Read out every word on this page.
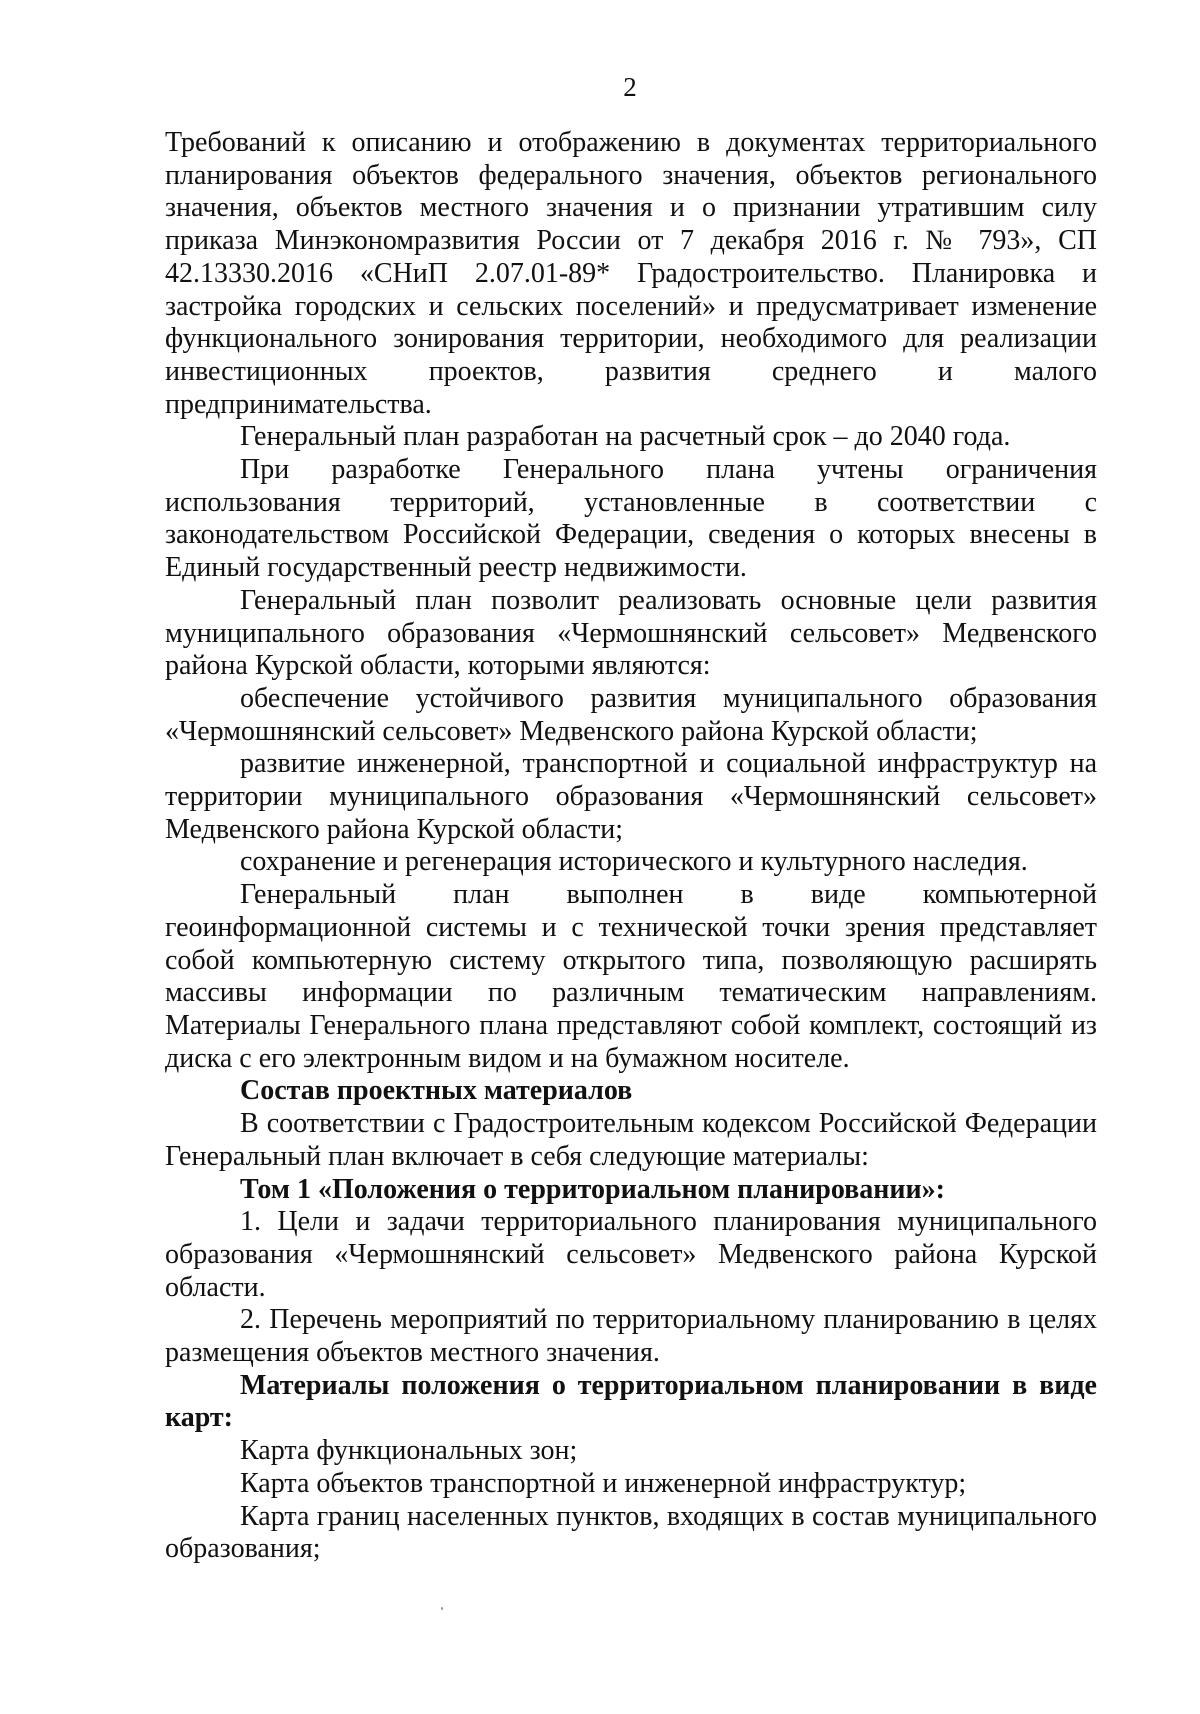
2

Требований к описанию и отображению в документах территориального планирования объектов федерального значения, объектов регионального значения, объектов местного значения и о признании утратившим силу приказа Минэкономразвития России от 7 декабря 2016 г. № 793», СП 42.13330.2016 «СНиП 2.07.01-89* Градостроительство. Планировка и застройка городских и сельских поселений» и предусматривает изменение функционального зонирования территории, необходимого для реализации инвестиционных проектов, развития среднего и малого предпринимательства.

Генеральный план разработан на расчетный срок – до 2040 года.

При разработке Генерального плана учтены ограничения использования территорий, установленные в соответствии с законодательством Российской Федерации, сведения о которых внесены в Единый государственный реестр недвижимости.

Генеральный план позволит реализовать основные цели развития муниципального образования «Чермошнянский сельсовет» Медвенского района Курской области, которыми являются:

обеспечение устойчивого развития муниципального образования «Чермошнянский сельсовет» Медвенского района Курской области;

развитие инженерной, транспортной и социальной инфраструктур на территории муниципального образования «Чермошнянский сельсовет» Медвенского района Курской области;

сохранение и регенерация исторического и культурного наследия.

Генеральный план выполнен в виде компьютерной геоинформационной системы и с технической точки зрения представляет собой компьютерную систему открытого типа, позволяющую расширять массивы информации по различным тематическим направлениям. Материалы Генерального плана представляют собой комплект, состоящий из диска с его электронным видом и на бумажном носителе.

Состав проектных материалов

В соответствии с Градостроительным кодексом Российской Федерации Генеральный план включает в себя следующие материалы:

Том 1 «Положения о территориальном планировании»:

1. Цели и задачи территориального планирования муниципального образования «Чермошнянский сельсовет» Медвенского района Курской области.

2. Перечень мероприятий по территориальному планированию в целях размещения объектов местного значения.

Материалы положения о территориальном планировании в виде карт:

Карта функциональных зон;

Карта объектов транспортной и инженерной инфраструктур;

Карта границ населенных пунктов, входящих в состав муниципального образования;
